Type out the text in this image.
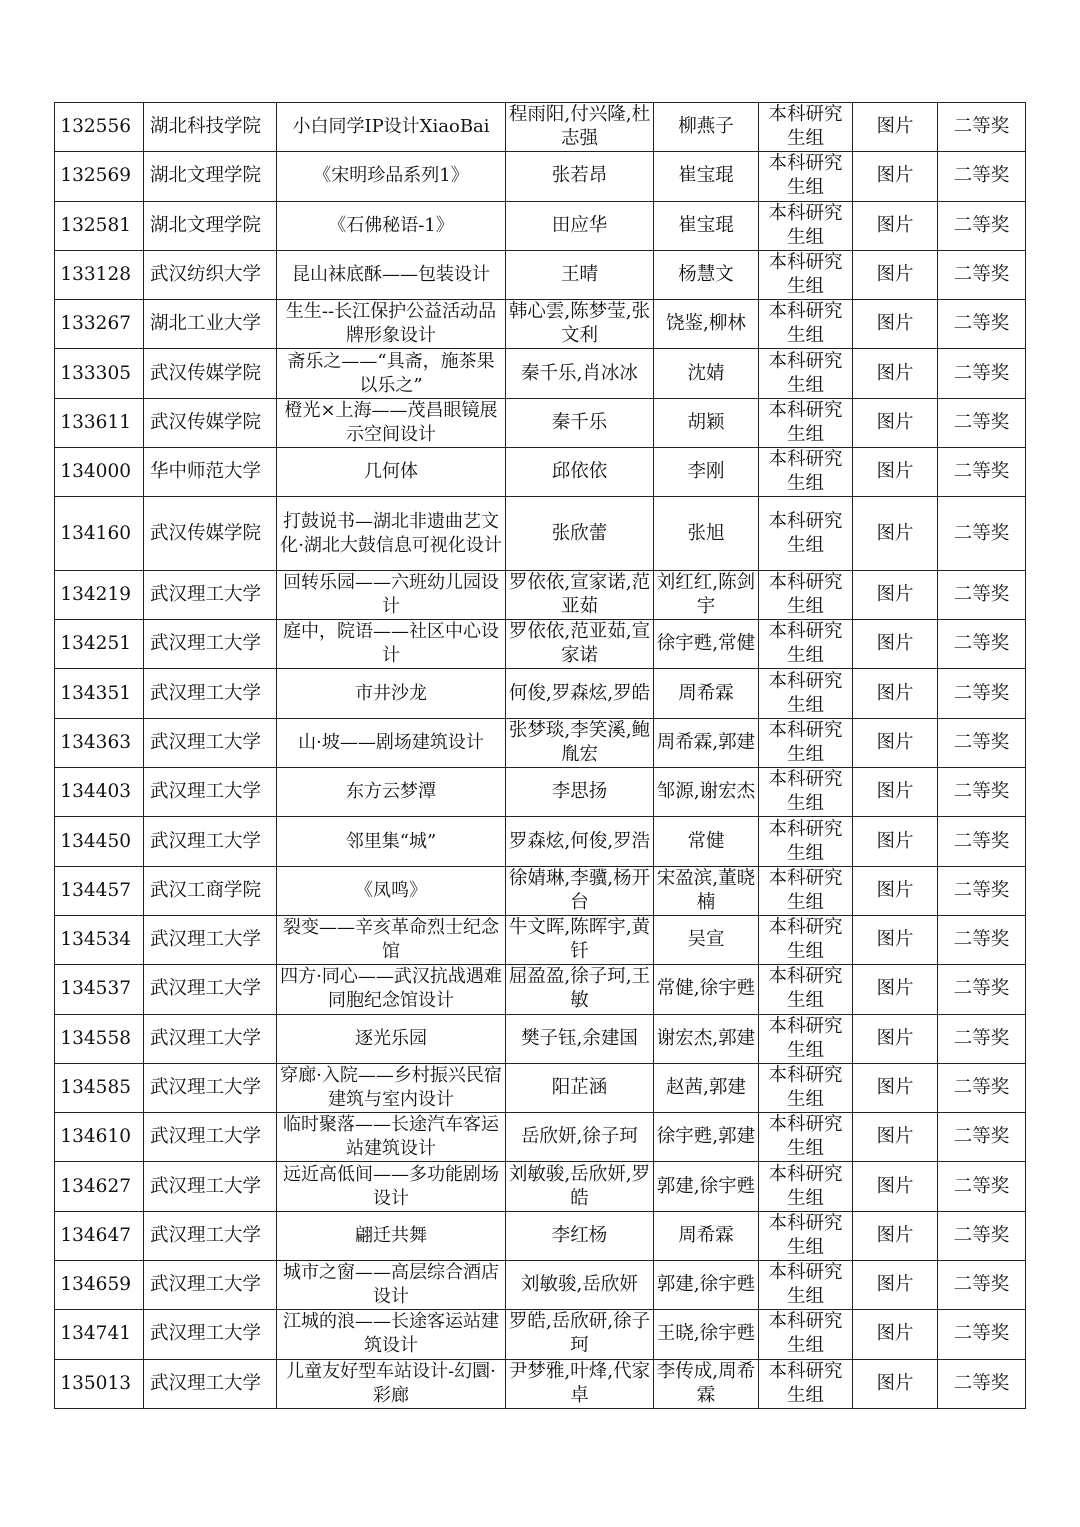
132556	湖北科技学院	小白同学IP设计XiaoBai	程雨阳,付兴隆,杜志强	柳燕子	本科研究生组	图片	二等奖

132569	湖北文理学院	《宋明珍品系列1》	张若昂	崔宝琨	本科研究生组	图片	二等奖

132581	湖北文理学院	《石佛秘语-1》	田应华	崔宝琨	本科研究生组	图片	二等奖

133128	武汉纺织大学	昆山袜底酥——包装设计	王晴	杨慧文	本科研究生组	图片	二等奖

133267	湖北工业大学	生生--长江保护公益活动品牌形象设计	韩心雲,陈梦莹,张文利	饶鉴,柳林	本科研究生组	图片	二等奖

133305	武汉传媒学院	斋乐之——“具斋，施茶果以乐之”	秦千乐,肖冰冰	沈婧	本科研究生组	图片	二等奖

133611	武汉传媒学院	橙光×上海——茂昌眼镜展示空间设计	秦千乐	胡颖	本科研究生组	图片	二等奖

134000	华中师范大学	几何体	邱依依	李刚	本科研究生组	图片	二等奖

134160	武汉传媒学院	打鼓说书—湖北非遗曲艺文化·湖北大鼓信息可视化设计	张欣蕾	张旭	本科研究生组	图片	二等奖

134219	武汉理工大学	回转乐园——六班幼儿园设计	罗依依,宣家诺,范亚茹	刘红红,陈剑宇	本科研究生组	图片	二等奖

134251	武汉理工大学	庭中，院语——社区中心设计	罗依依,范亚茹,宣家诺	徐宇甦,常健	本科研究生组	图片	二等奖

134351	武汉理工大学	市井沙龙	何俊,罗森炫,罗皓	周希霖	本科研究生组	图片	二等奖

134363	武汉理工大学	山·坡——剧场建筑设计	张梦琰,李笑溪,鲍胤宏	周希霖,郭建	本科研究生组	图片	二等奖

134403	武汉理工大学	东方云梦潭	李思扬	邹源,谢宏杰	本科研究生组	图片	二等奖

134450	武汉理工大学	邻里集“城”	罗森炫,何俊,罗浩	常健	本科研究生组	图片	二等奖

134457	武汉工商学院	《凤鸣》	徐婧琳,李骥,杨开台	宋盈滨,董晓楠	本科研究生组	图片	二等奖

134534	武汉理工大学	裂变——辛亥革命烈士纪念馆	牛文晖,陈晖宇,黄钎	吴宣	本科研究生组	图片	二等奖

134537	武汉理工大学	四方·同心——武汉抗战遇难同胞纪念馆设计	屈盈盈,徐子珂,王敏	常健,徐宇甦	本科研究生组	图片	二等奖

134558	武汉理工大学	逐光乐园	樊子钰,余建国	谢宏杰,郭建	本科研究生组	图片	二等奖

134585	武汉理工大学	穿廊·入院——乡村振兴民宿建筑与室内设计	阳芷涵	赵茜,郭建	本科研究生组	图片	二等奖

134610	武汉理工大学	临时聚落——长途汽车客运站建筑设计	岳欣妍,徐子珂	徐宇甦,郭建	本科研究生组	图片	二等奖

134627	武汉理工大学	远近高低间——多功能剧场设计	刘敏骏,岳欣妍,罗皓	郭建,徐宇甦	本科研究生组	图片	二等奖

134647	武汉理工大学	翩迁共舞	李红杨	周希霖	本科研究生组	图片	二等奖

134659	武汉理工大学	城市之窗——高层综合酒店设计	刘敏骏,岳欣妍	郭建,徐宇甦	本科研究生组	图片	二等奖

134741	武汉理工大学	江城的浪——长途客运站建筑设计	罗皓,岳欣研,徐子珂	王晓,徐宇甦	本科研究生组	图片	二等奖

135013	武汉理工大学	儿童友好型车站设计-幻圜·彩廊	尹梦雅,叶烽,代家卓	李传成,周希霖	本科研究生组	图片	二等奖
